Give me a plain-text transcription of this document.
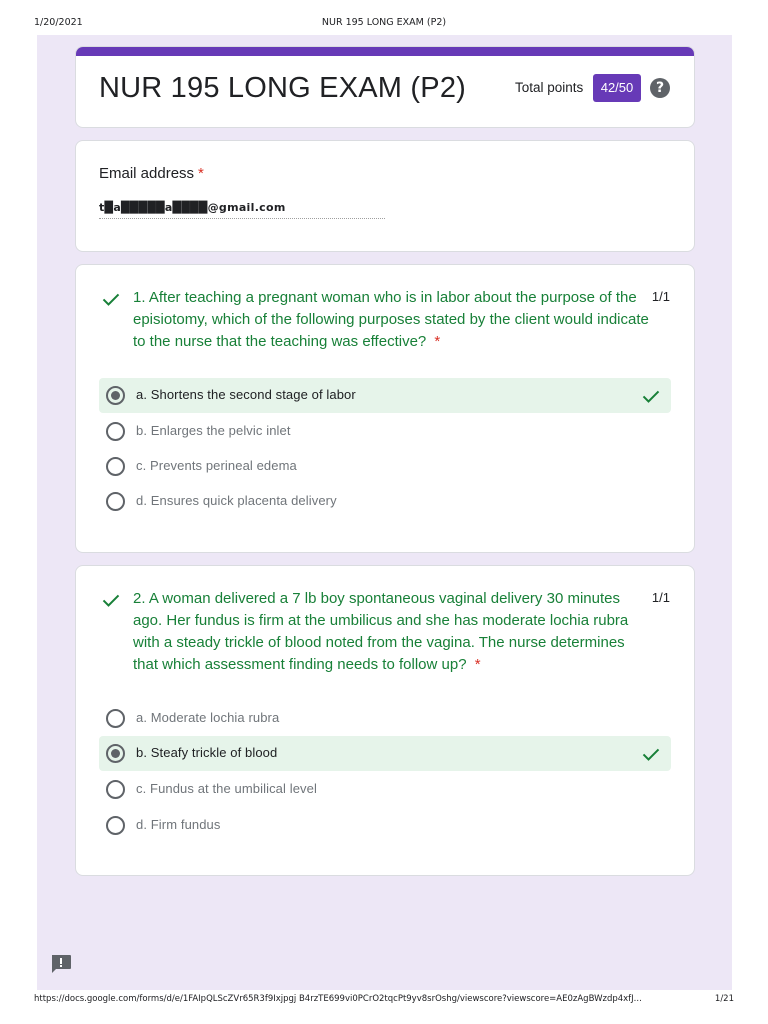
1/20/2021	NUR 195 LONG EXAM (P2)
NUR 195 LONG EXAM (P2)	Total points	42/50	?
Email address *
t█a█████a████@gmail.com
1. After teaching a pregnant woman who is in labor about the purpose of the episiotomy, which of the following purposes stated by the client would indicate to the nurse that the teaching was effective? *
1/1
a. Shortens the second stage of labor
b. Enlarges the pelvic inlet
c. Prevents perineal edema
d. Ensures quick placenta delivery
2. A woman delivered a 7 lb boy spontaneous vaginal delivery 30 minutes ago. Her fundus is firm at the umbilicus and she has moderate lochia rubra with a steady trickle of blood noted from the vagina. The nurse determines that which assessment finding needs to follow up? *
1/1
a. Moderate lochia rubra
b. Steafy trickle of blood
c. Fundus at the umbilical level
d. Firm fundus
https://docs.google.com/forms/d/e/1FAIpQLScZVr65R3f9Ixjpgj B4rzTE699vi0PCrO2tqcPt9yv8srOshg/viewscore?viewscore=AE0zAgBWzdp4xfJ...	1/21
